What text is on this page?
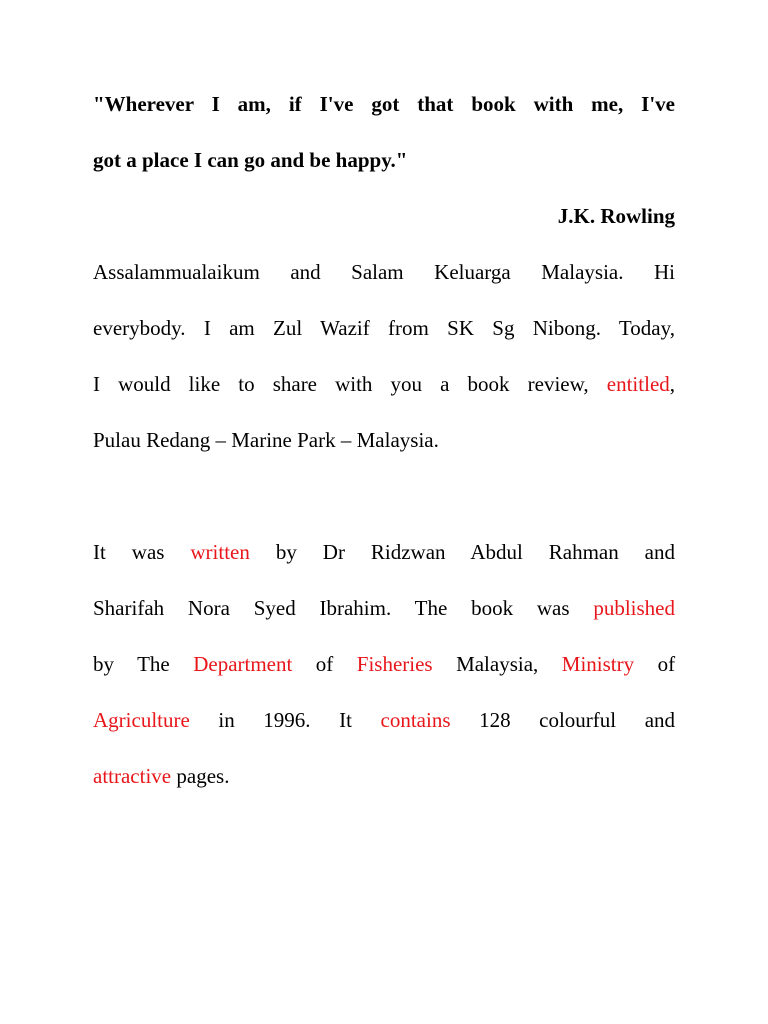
"Wherever I am, if I've got that book with me, I've
got a place I can go and be happy."
J.K. Rowling
Assalammualaikum and Salam Keluarga Malaysia. Hi
everybody. I am Zul Wazif from SK Sg Nibong. Today,
I would like to share with you a book review, entitled,
Pulau Redang – Marine Park – Malaysia.
It was written by Dr Ridzwan Abdul Rahman and
Sharifah Nora Syed Ibrahim. The book was published
by The Department of Fisheries Malaysia, Ministry of
Agriculture in 1996. It contains 128 colourful and
attractive pages.
